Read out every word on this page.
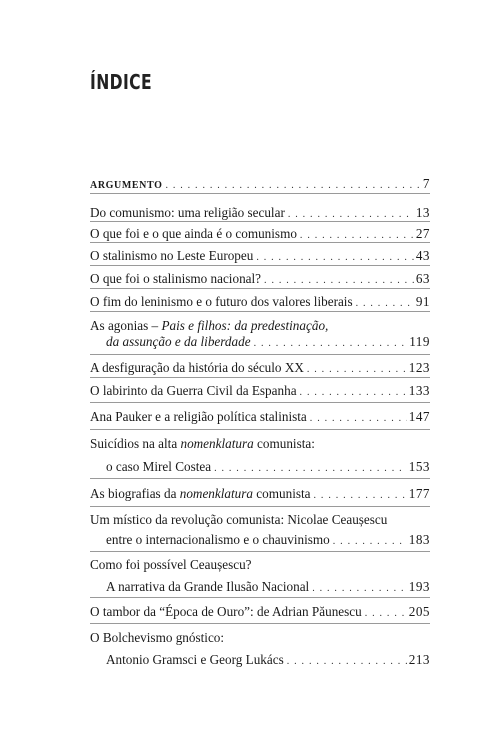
ÍNDICE
ARGUMENTO . . .	7
Do comunismo: uma religião secular . . .	13
O que foi e o que ainda é o comunismo . . .	27
O stalinismo no Leste Europeu . . .	43
O que foi o stalinismo nacional? . . .	63
O fim do leninismo e o futuro dos valores liberais . . .	91
As agonias – Pais e filhos: da predestinação,
da assunção e da liberdade . . .	119
A desfiguração da história do século XX . . .	123
O labirinto da Guerra Civil da Espanha . . .	133
Ana Pauker e a religião política stalinista . . .	147
Suicídios na alta nomenklatura comunista:
o caso Mirel Costea . . .	153
As biografias da nomenklatura comunista . . .	177
Um místico da revolução comunista: Nicolae Ceaușescu
entre o internacionalismo e o chauvinismo . . .	183
Como foi possível Ceaușescu?
A narrativa da Grande Ilusão Nacional . . .	193
O tambor da “Época de Ouro”: de Adrian Păunescu . . .	205
O Bolchevismo gnóstico:
Antonio Gramsci e Georg Lukács . . .	213
